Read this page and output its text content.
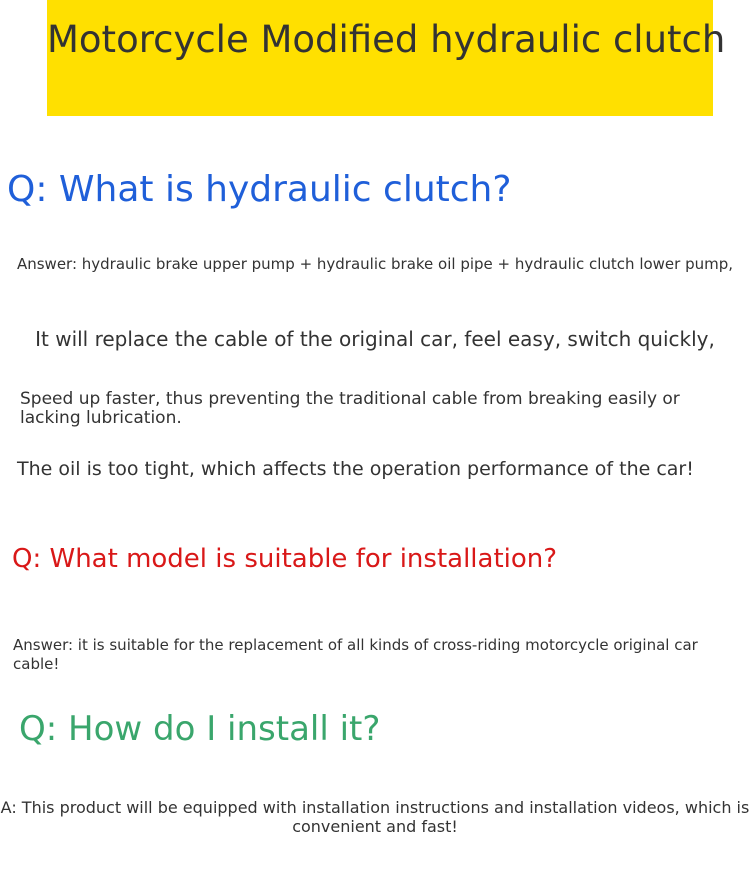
Motorcycle Modified hydraulic clutch
Q: What is hydraulic clutch?

Answer: hydraulic brake upper pump + hydraulic brake oil pipe + hydraulic clutch lower pump,

It will replace the cable of the original car, feel easy, switch quickly,

Speed up faster, thus preventing the traditional cable from breaking easily or lacking lubrication.

The oil is too tight, which affects the operation performance of the car!

Q: What model is suitable for installation?

Answer: it is suitable for the replacement of all kinds of cross-riding motorcycle original car cable!

Q: How do I install it?

A: This product will be equipped with installation instructions and installation videos, which is convenient and fast!
